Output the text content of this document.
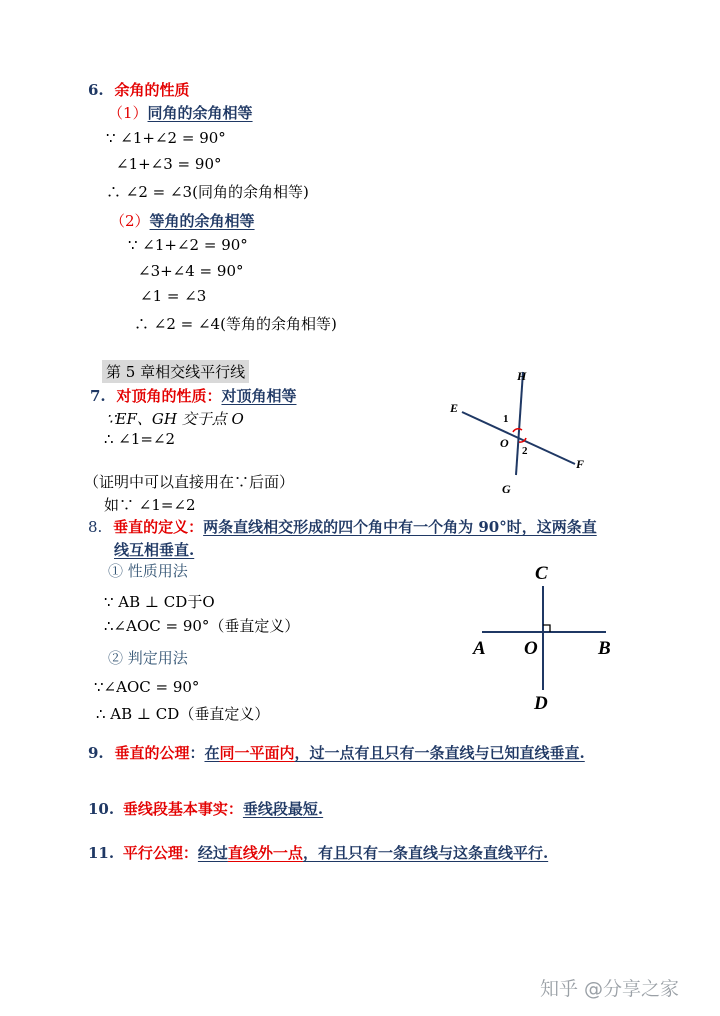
6. 余角的性质
（1）同角的余角相等
∵ ∠1+∠2 = 90°
∠1+∠3 = 90°
∴ ∠2 = ∠3(同角的余角相等)
（2）等角的余角相等
∵ ∠1+∠2 = 90°
∠3+∠4 = 90°
∠1 = ∠3
∴ ∠2 = ∠4(等角的余角相等)
第 5 章相交线平行线
7. 对顶角的性质：对顶角相等
∵EF、GH 交于点 O
∴ ∠1=∠2
（证明中可以直接用在∵后面）
如∵ ∠1=∠2
H
E
F
G
O
1
2
8. 垂直的定义：两条直线相交形成的四个角中有一个角为 90°时，这两条直
线互相垂直.
① 性质用法
∵ AB ⊥ CD于O
∴∠AOC = 90°（垂直定义）
② 判定用法
∵∠AOC = 90°
∴ AB ⊥ CD（垂直定义）
C
A O	B
D
9. 垂直的公理：在同一平面内，过一点有且只有一条直线与已知直线垂直.
10. 垂线段基本事实：垂线段最短.
11. 平行公理：经过直线外一点，有且只有一条直线与这条直线平行.
知乎 @分享之家
